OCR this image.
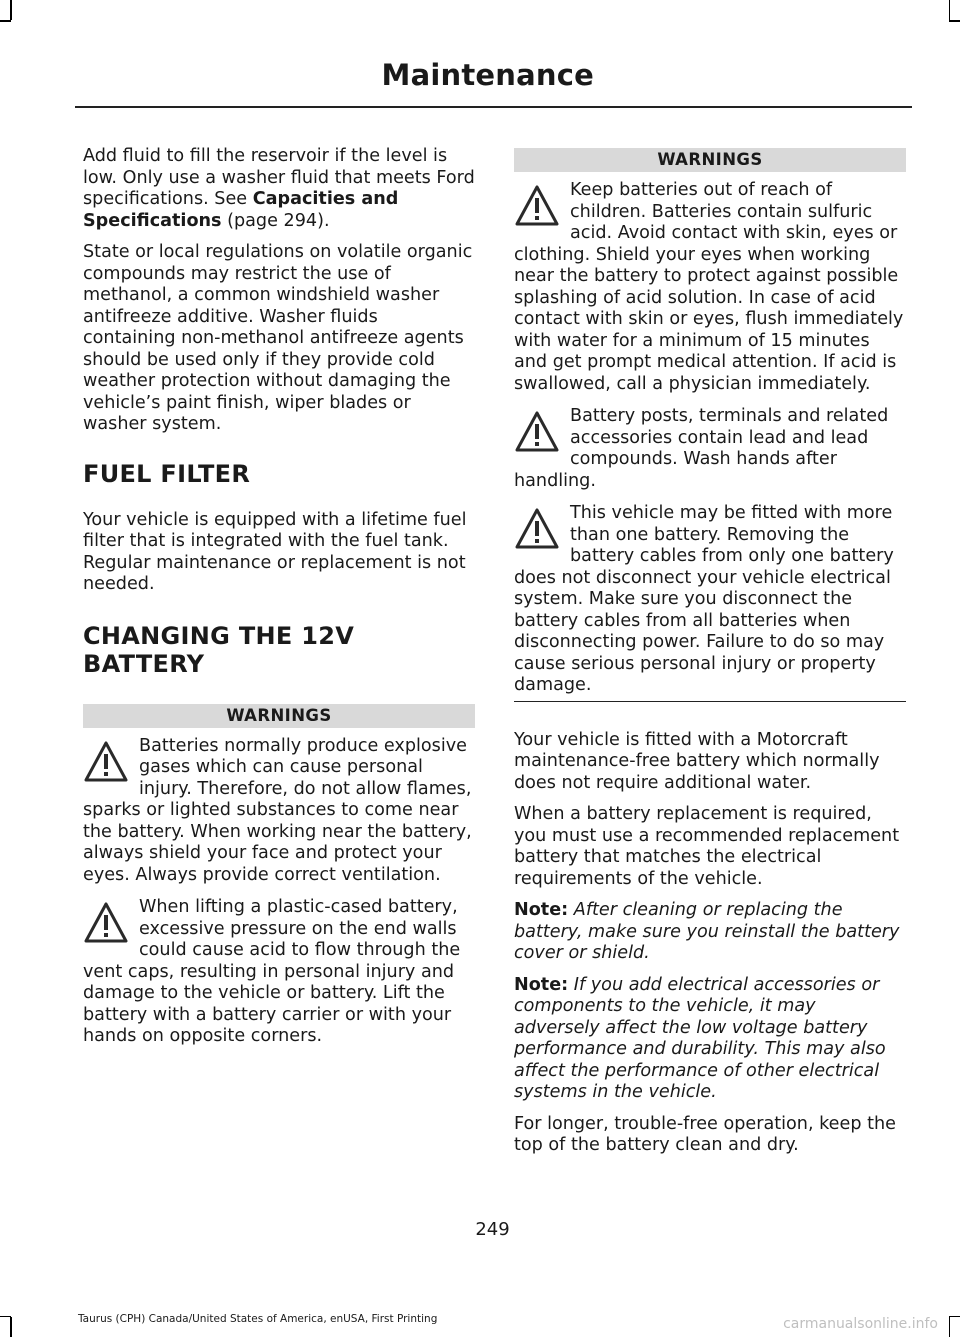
Maintenance

Add fluid to fill the reservoir if the level is low. Only use a washer fluid that meets Ford specifications. See Capacities and Specifications (page 294).

State or local regulations on volatile organic compounds may restrict the use of methanol, a common windshield washer antifreeze additive. Washer fluids containing non-methanol antifreeze agents should be used only if they provide cold weather protection without damaging the vehicle’s paint finish, wiper blades or washer system.

FUEL FILTER

Your vehicle is equipped with a lifetime fuel filter that is integrated with the fuel tank. Regular maintenance or replacement is not needed.

CHANGING THE 12V BATTERY
WARNINGS
Batteries normally produce explosive gases which can cause personal injury. Therefore, do not allow flames, sparks or lighted substances to come near the battery. When working near the battery, always shield your face and protect your eyes. Always provide correct ventilation.
When lifting a plastic-cased battery, excessive pressure on the end walls could cause acid to flow through the vent caps, resulting in personal injury and damage to the vehicle or battery. Lift the battery with a battery carrier or with your hands on opposite corners.
WARNINGS
Keep batteries out of reach of children. Batteries contain sulfuric acid. Avoid contact with skin, eyes or clothing. Shield your eyes when working near the battery to protect against possible splashing of acid solution. In case of acid contact with skin or eyes, flush immediately with water for a minimum of 15 minutes and get prompt medical attention. If acid is swallowed, call a physician immediately.
Battery posts, terminals and related accessories contain lead and lead compounds. Wash hands after handling.
This vehicle may be fitted with more than one battery. Removing the battery cables from only one battery does not disconnect your vehicle electrical system. Make sure you disconnect the battery cables from all batteries when disconnecting power. Failure to do so may cause serious personal injury or property damage.

Your vehicle is fitted with a Motorcraft maintenance-free battery which normally does not require additional water.

When a battery replacement is required, you must use a recommended replacement battery that matches the electrical requirements of the vehicle.

Note: After cleaning or replacing the battery, make sure you reinstall the battery cover or shield.

Note: If you add electrical accessories or components to the vehicle, it may adversely affect the low voltage battery performance and durability. This may also affect the performance of other electrical systems in the vehicle.

For longer, trouble-free operation, keep the top of the battery clean and dry.

249
Taurus (CPH) Canada/United States of America, enUSA, First Printing	carmanualsonline.info
